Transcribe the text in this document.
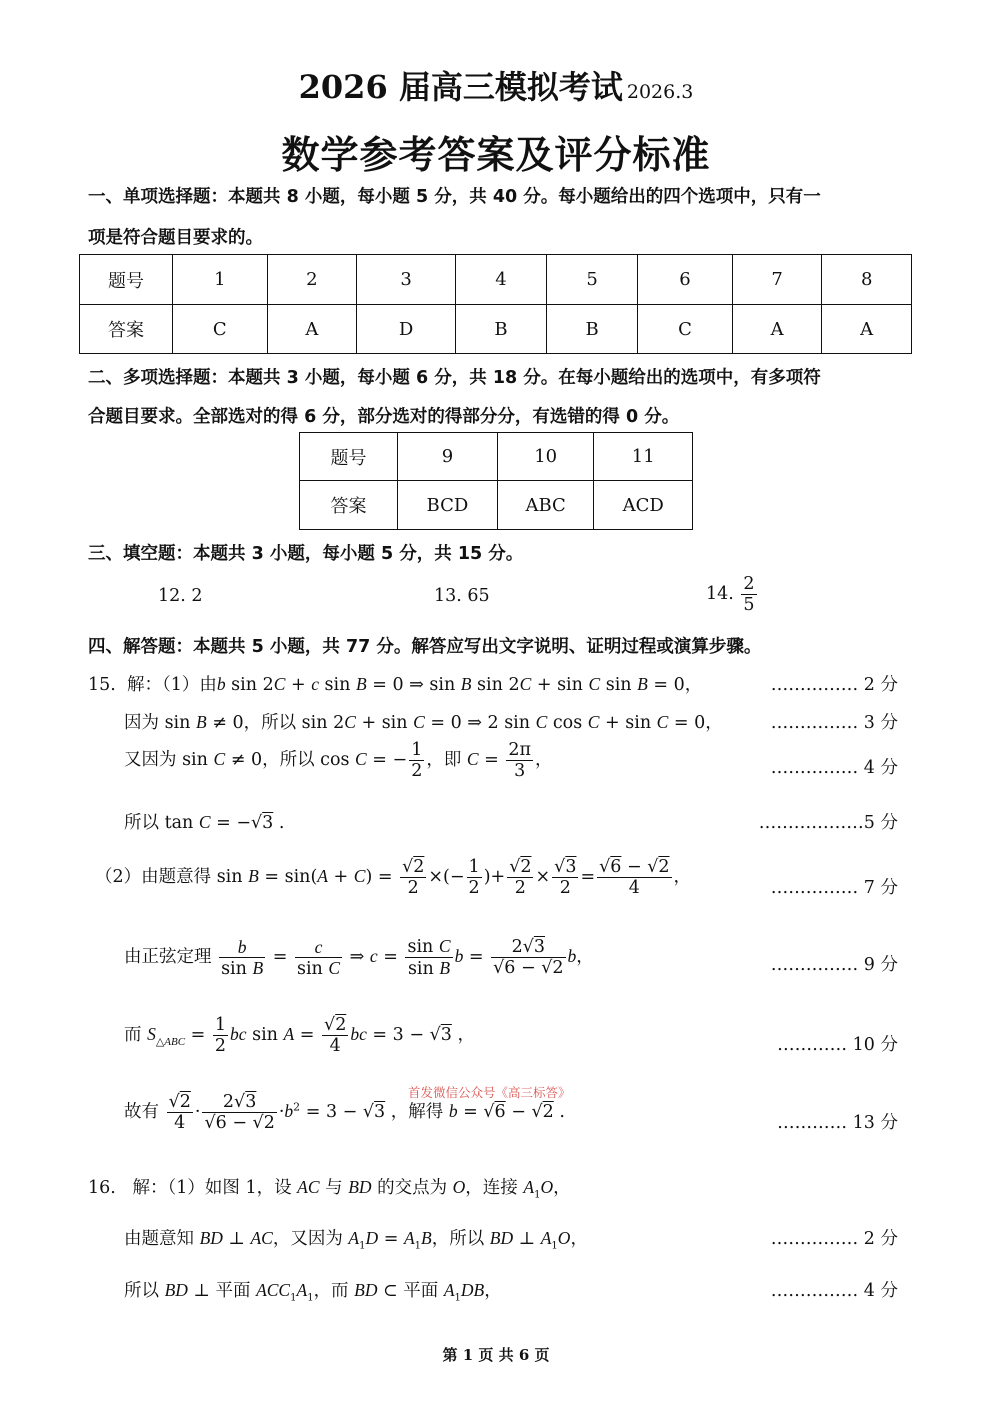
2026 届高三模拟考试 2026.3
数学参考答案及评分标准
一、单项选择题：本题共 8 小题，每小题 5 分，共 40 分。每小题给出的四个选项中，只有一
项是符合题目要求的。
题号	1	2	3	4	5	6	7	8
答案	C	A	D	B	B	C	A	A
二、多项选择题：本题共 3 小题，每小题 6 分，共 18 分。在每小题给出的选项中，有多项符
合题目要求。全部选对的得 6 分，部分选对的得部分分，有选错的得 0 分。
题号	9	10	11
答案	BCD	ABC	ACD
三、填空题：本题共 3 小题，每小题 5 分，共 15 分。
12. 2	13. 65	14. $\frac{2}{5}$
四、解答题：本题共 5 小题，共 77 分。解答应写出文字说明、证明过程或演算步骤。
15.  解：（1）由b sin 2C + c sin B = 0 ⇒ sin B sin 2C + sin C sin B = 0，	…………… 2 分
因为 sin B ≠ 0，所以 sin 2C + sin C = 0 ⇒ 2 sin C cos C + sin C = 0，	…………… 3 分
又因为 sin C ≠ 0，所以 cos C = − $\frac{1}{2}$ ，即 $C = \frac{2\pi}{3}$ ，	…………… 4 分
所以 tan C = −√3 .	………………5 分
（2）由题意得 $\sin B = \sin(A + C) = \frac{√2}{2}$ ×(− $\frac{1}{2}$ )+ $\frac{√2}{2} \times \frac{√3}{2} = \frac{√6 - √2}{4}$ ，
…………… 7 分
由正弦定理 $\frac{b}{\text{sin B}} = \frac{c}{\text{sin C}}$ ⇒ $c = \frac{\text{sin C}}{\text{sin B}}$ $b = \frac{2√3}{√6 - √2}$ b，	…………… 9 分
而 $S_{\triangle ABC} = \frac{1}{2}$ bc $\sin A = \frac{√2}{4}$ bc = 3 − √3 ，	………… 10 分
首发微信公众号《高三标答》
故有 $\frac{√2}{4} \cdot \frac{2√3}{√6 - √2} \cdot b^2 = 3 - √3$ ，解得 b = √6 − √2 .
………… 13 分
16.   解：（1）如图 1，设 AC 与 BD 的交点为 O，连接 $A_1O$，
由题意知 BD ⊥ AC，又因为 $A_1D = A_1B$，所以 BD ⊥ $A_1O$，	…………… 2 分
所以 BD ⊥ 平面 $ACC_1A_1$，而 BD ⊂ 平面 $A_1DB$，	…………… 4 分
第 1 页 共 6 页
